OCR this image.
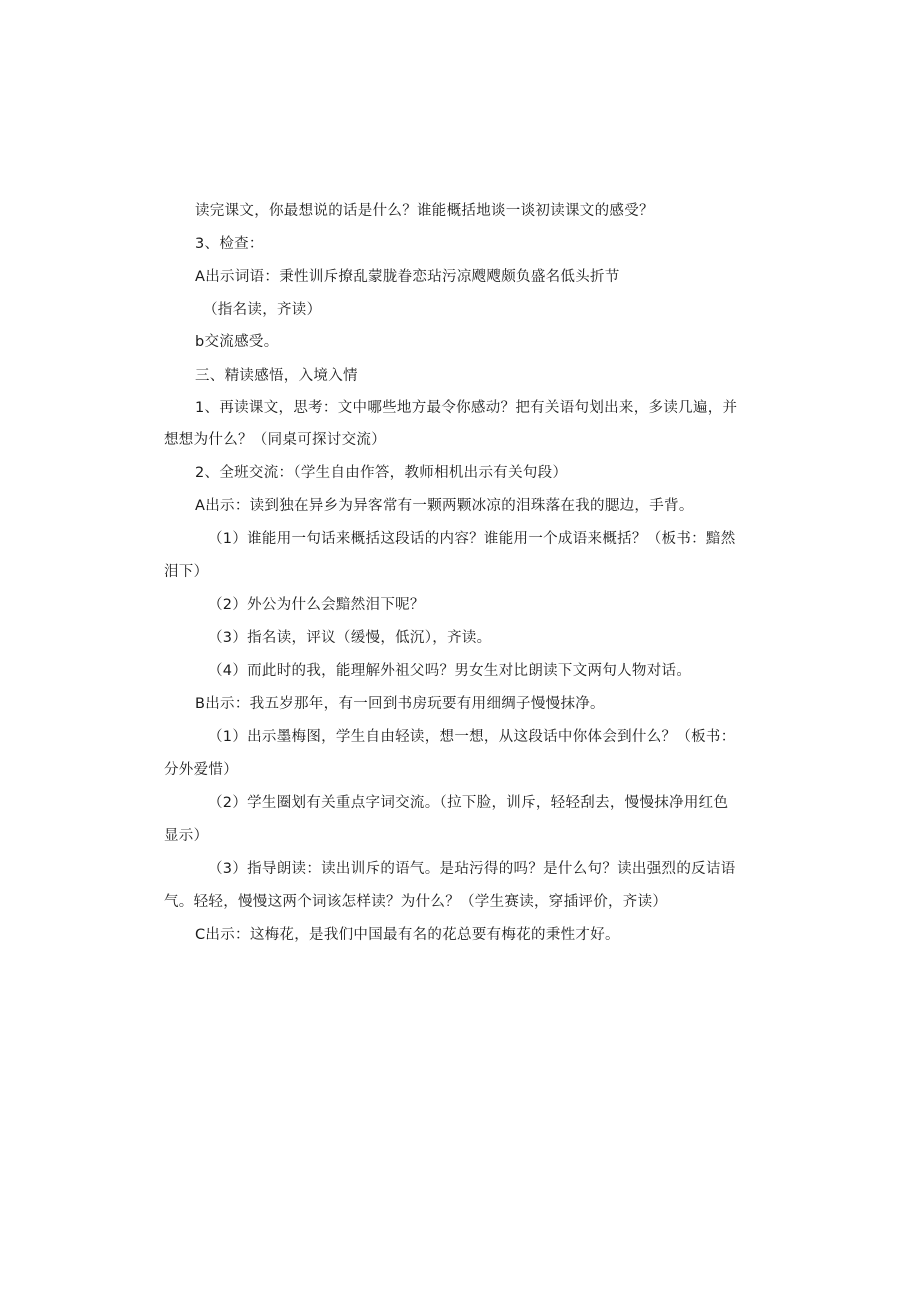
读完课文，你最想说的话是什么？谁能概括地谈一谈初读课文的感受？
3、检查：
A出示词语：秉性训斥撩乱蒙胧眷恋玷污凉飕飕颇负盛名低头折节
（指名读，齐读）
b交流感受。
三、精读感悟，入境入情
1、再读课文，思考：文中哪些地方最令你感动？把有关语句划出来，多读几遍，并
想想为什么？（同桌可探讨交流）
2、全班交流：（学生自由作答，教师相机出示有关句段）
A出示：读到独在异乡为异客常有一颗两颗冰凉的泪珠落在我的腮边，手背。
（1）谁能用一句话来概括这段话的内容？谁能用一个成语来概括？（板书：黯然
泪下）
（2）外公为什么会黯然泪下呢？
（3）指名读，评议（缓慢，低沉），齐读。
（4）而此时的我，能理解外祖父吗？男女生对比朗读下文两句人物对话。
B出示：我五岁那年，有一回到书房玩要有用细绸子慢慢抹净。
（1）出示墨梅图，学生自由轻读，想一想，从这段话中你体会到什么？（板书：
分外爱惜）
（2）学生圈划有关重点字词交流。（拉下脸，训斥，轻轻刮去，慢慢抹净用红色
显示）
（3）指导朗读：读出训斥的语气。是玷污得的吗？是什么句？读出强烈的反诘语
气。轻轻，慢慢这两个词该怎样读？为什么？（学生赛读，穿插评价，齐读）
C出示：这梅花，是我们中国最有名的花总要有梅花的秉性才好。
